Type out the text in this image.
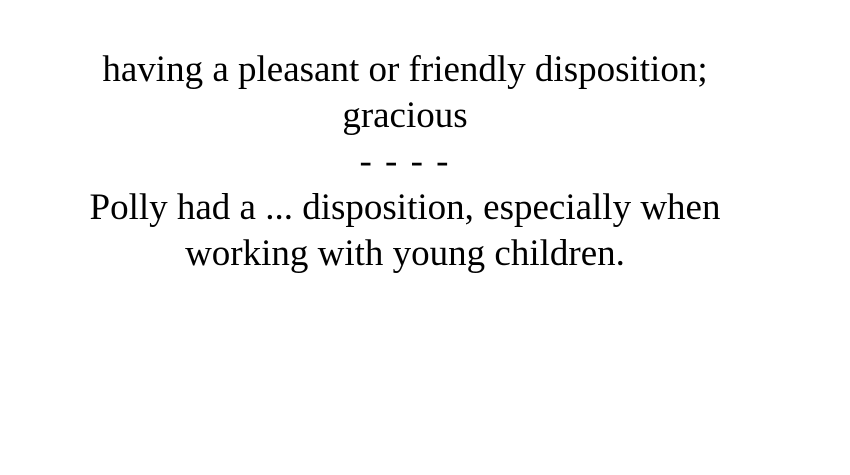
having a pleasant or friendly disposition;
gracious
- - - -
Polly had a ... disposition, especially when
working with young children.
